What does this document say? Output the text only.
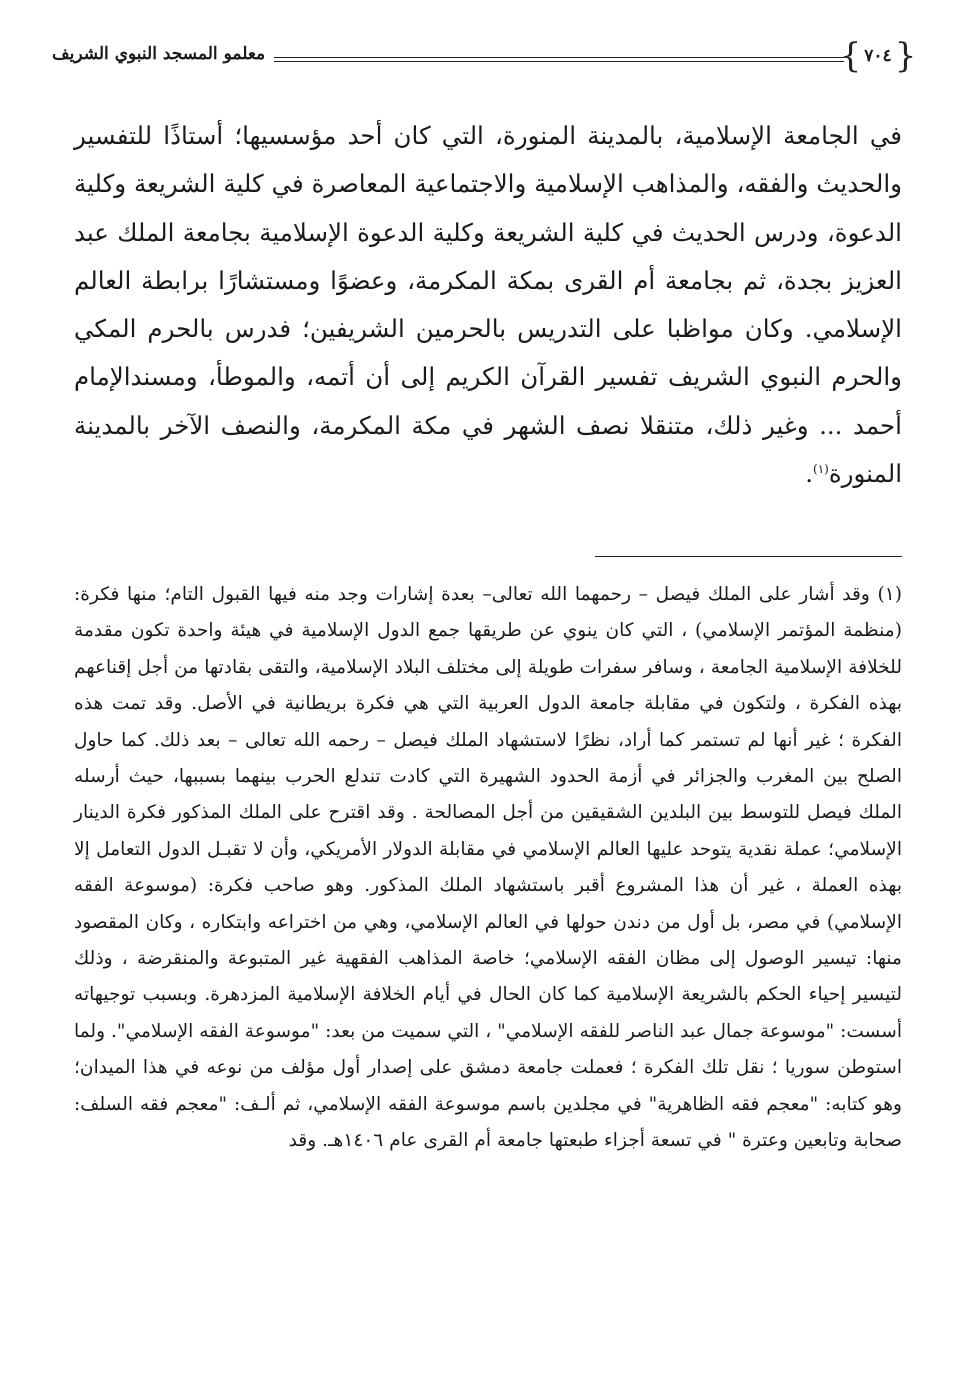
معلمو المسجد النبوي الشريف	{ ٧٠٤ }
في الجامعة الإسلامية، بالمدينة المنورة، التي كان أحد مؤسسيها؛ أستاذًا للتفسير والحديث والفقه، والمذاهب الإسلامية والاجتماعية المعاصرة في كلية الشريعة وكلية الدعوة، ودرس الحديث في كلية الشريعة وكلية الدعوة الإسلامية بجامعة الملك عبد العزيز بجدة، ثم بجامعة أم القرى بمكة المكرمة، وعضوًا ومستشارًا برابطة العالم الإسلامي. وكان مواظبا على التدريس بالحرمين الشريفين؛ فدرس بالحرم المكي والحرم النبوي الشريف تفسير القرآن الكريم إلى أن أتمه، والموطأ، ومسندالإمام أحمد ... وغير ذلك، متنقلا نصف الشهر في مكة المكرمة، والنصف الآخر بالمدينة المنورة$^{(١)}$.
(١) وقد أشار على الملك فيصل – رحمهما الله تعالى– بعدة إشارات وجد منه فيها القبول التام؛ منها فكرة: (منظمة المؤتمر الإسلامي) ، التي كان ينوي عن طريقها جمع الدول الإسلامية في هيئة واحدة تكون مقدمة للخلافة الإسلامية الجامعة ، وسافر سفرات طويلة إلى مختلف البلاد الإسلامية، والتقى بقادتها من أجل إقناعهم بهذه الفكرة ، ولتكون في مقابلة جامعة الدول العربية التي هي فكرة بريطانية في الأصل. وقد تمت هذه الفكرة ؛ غير أنها لم تستمر كما أراد، نظرًا لاستشهاد الملك فيصل – رحمه الله تعالى – بعد ذلك. كما حاول الصلح بين المغرب والجزائر في أزمة الحدود الشهيرة التي كادت تندلع الحرب بينهما بسببها، حيث أرسله الملك فيصل للتوسط بين البلدين الشقيقين من أجل المصالحة . وقد اقترح على الملك المذكور فكرة الدينار الإسلامي؛ عملة نقدية يتوحد عليها العالم الإسلامي في مقابلة الدولار الأمريكي، وأن لا تقبـل الدول التعامل إلا بهذه العملة ، غير أن هذا المشروع أقبر باستشهاد الملك المذكور. وهو صاحب فكرة: (موسوعة الفقه الإسلامي) في مصر، بل أول من دندن حولها في العالم الإسلامي، وهي من اختراعه وابتكاره ، وكان المقصود منها: تيسير الوصول إلى مظان الفقه الإسلامي؛ خاصة المذاهب الفقهية غير المتبوعة والمنقرضة ، وذلك لتيسير إحياء الحكم بالشريعة الإسلامية كما كان الحال في أيام الخلافة الإسلامية المزدهرة. وبسبب توجيهاته أسست: "موسوعة جمال عبد الناصر للفقه الإسلامي" ، التي سميت من بعد: "موسوعة الفقه الإسلامي". ولما استوطن سوريا ؛ نقل تلك الفكرة ؛ فعملت جامعة دمشق على إصدار أول مؤلف من نوعه في هذا الميدان؛ وهو كتابه: "معجم فقه الظاهرية" في مجلدين باسم موسوعة الفقه الإسلامي، ثم ألـف: "معجم فقه السلف: صحابة وتابعين وعترة " في تسعة أجزاء طبعتها جامعة أم القرى عام ١٤٠٦هـ. وقد
